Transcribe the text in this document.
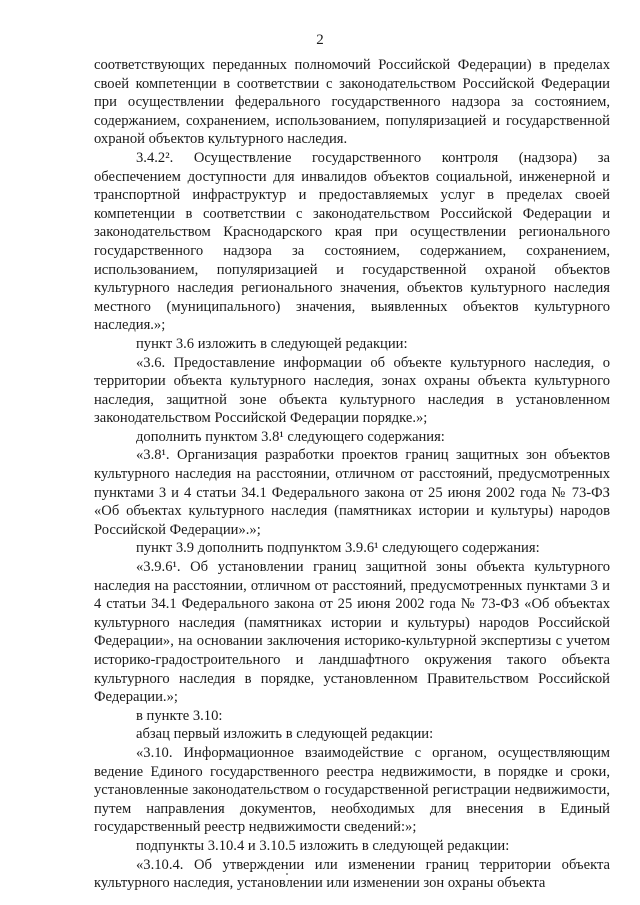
2

соответствующих переданных полномочий Российской Федерации) в пределах своей компетенции в соответствии с законодательством Российской Федерации при осуществлении федерального государственного надзора за состоянием, содержанием, сохранением, использованием, популяризацией и государственной охраной объектов культурного наследия.

3.4.2². Осуществление государственного контроля (надзора) за обеспечением доступности для инвалидов объектов социальной, инженерной и транспортной инфраструктур и предоставляемых услуг в пределах своей компетенции в соответствии с законодательством Российской Федерации и законодательством Краснодарского края при осуществлении регионального государственного надзора за состоянием, содержанием, сохранением, использованием, популяризацией и государственной охраной объектов культурного наследия регионального значения, объектов культурного наследия местного (муниципального) значения, выявленных объектов культурного наследия.»;

пункт 3.6 изложить в следующей редакции:

«3.6. Предоставление информации об объекте культурного наследия, о территории объекта культурного наследия, зонах охраны объекта культурного наследия, защитной зоне объекта культурного наследия в установленном законодательством Российской Федерации порядке.»;

дополнить пунктом 3.8¹ следующего содержания:

«3.8¹. Организация разработки проектов границ защитных зон объектов культурного наследия на расстоянии, отличном от расстояний, предусмотренных пунктами 3 и 4 статьи 34.1 Федерального закона от 25 июня 2002 года № 73-ФЗ «Об объектах культурного наследия (памятниках истории и культуры) народов Российской Федерации».»;

пункт 3.9 дополнить подпунктом 3.9.6¹ следующего содержания:

«3.9.6¹. Об установлении границ защитной зоны объекта культурного наследия на расстоянии, отличном от расстояний, предусмотренных пунктами 3 и 4 статьи 34.1 Федерального закона от 25 июня 2002 года № 73-ФЗ «Об объектах культурного наследия (памятниках истории и культуры) народов Российской Федерации», на основании заключения историко-культурной экспертизы с учетом историко-градостроительного и ландшафтного окружения такого объекта культурного наследия в порядке, установленном Правительством Российской Федерации.»;

в пункте 3.10:

абзац первый изложить в следующей редакции:

«3.10. Информационное взаимодействие с органом, осуществляющим ведение Единого государственного реестра недвижимости, в порядке и сроки, установленные законодательством о государственной регистрации недвижимости, путем направления документов, необходимых для внесения в Единый государственный реестр недвижимости сведений:»;

подпункты 3.10.4 и 3.10.5 изложить в следующей редакции:

«3.10.4. Об утверждении или изменении границ территории объекта культурного наследия, установлении или изменении зон охраны объекта
